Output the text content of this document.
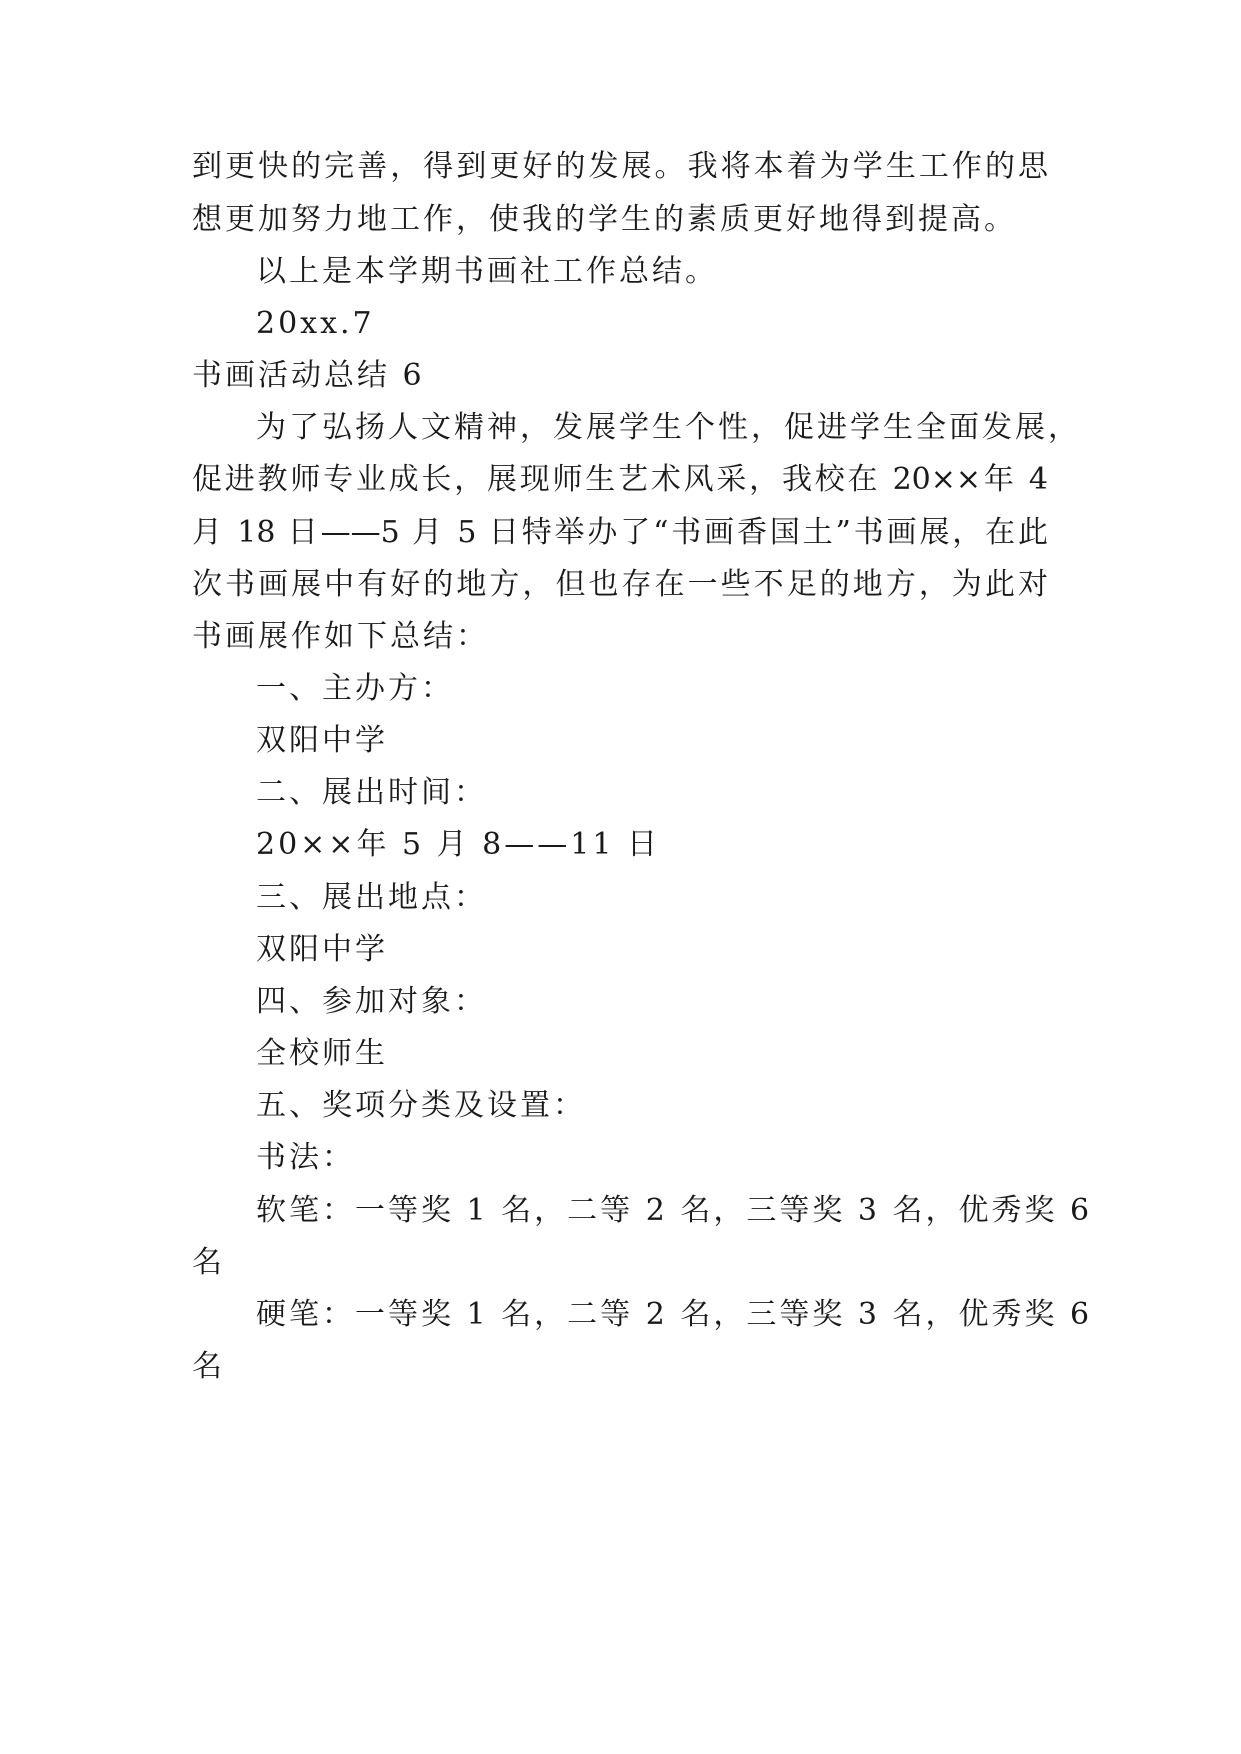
到更快的完善，得到更好的发展。我将本着为学生工作的思
想更加努力地工作，使我的学生的素质更好地得到提高。
以上是本学期书画社工作总结。
20xx.7
书画活动总结 6
为了弘扬人文精神，发展学生个性，促进学生全面发展，
促进教师专业成长，展现师生艺术风采，我校在 20××年 4
月 18 日——5 月 5 日特举办了“书画香国土”书画展，在此
次书画展中有好的地方，但也存在一些不足的地方，为此对
书画展作如下总结：
一、主办方：
双阳中学
二、展出时间：
20××年 5 月 8——11 日
三、展出地点：
双阳中学
四、参加对象：
全校师生
五、奖项分类及设置：
书法：
软笔：一等奖 1 名，二等 2 名，三等奖 3 名，优秀奖 6
名
硬笔：一等奖 1 名，二等 2 名，三等奖 3 名，优秀奖 6
名
